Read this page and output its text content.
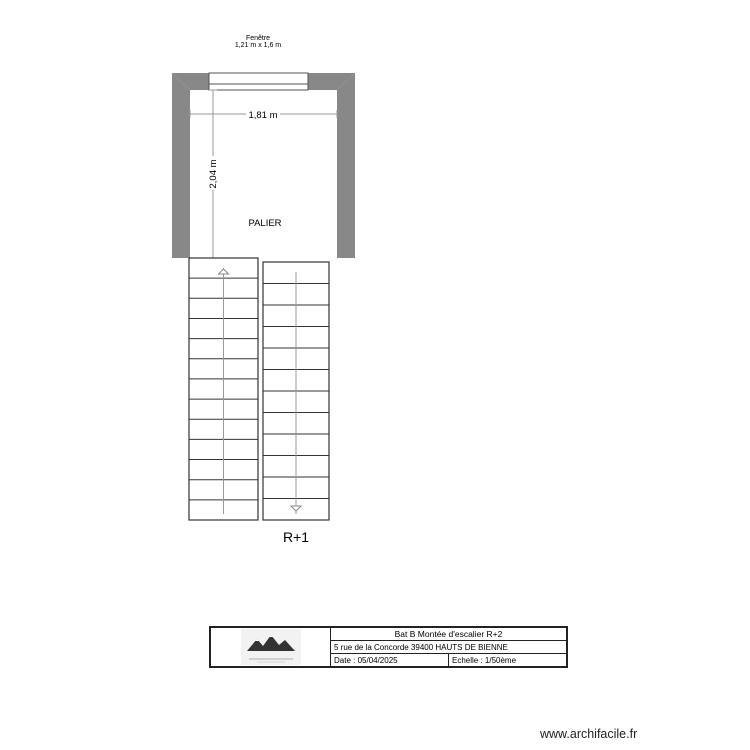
Fenêtre
1,21 m x 1,6 m
1,81 m
2,04 m
PALIER
R+1
Bat B Montée d'escalier R+2
5 rue de la Concorde 39400 HAUTS DE BIENNE
Date : 05/04/2025	Echelle : 1/50ème
www.archifacile.fr
